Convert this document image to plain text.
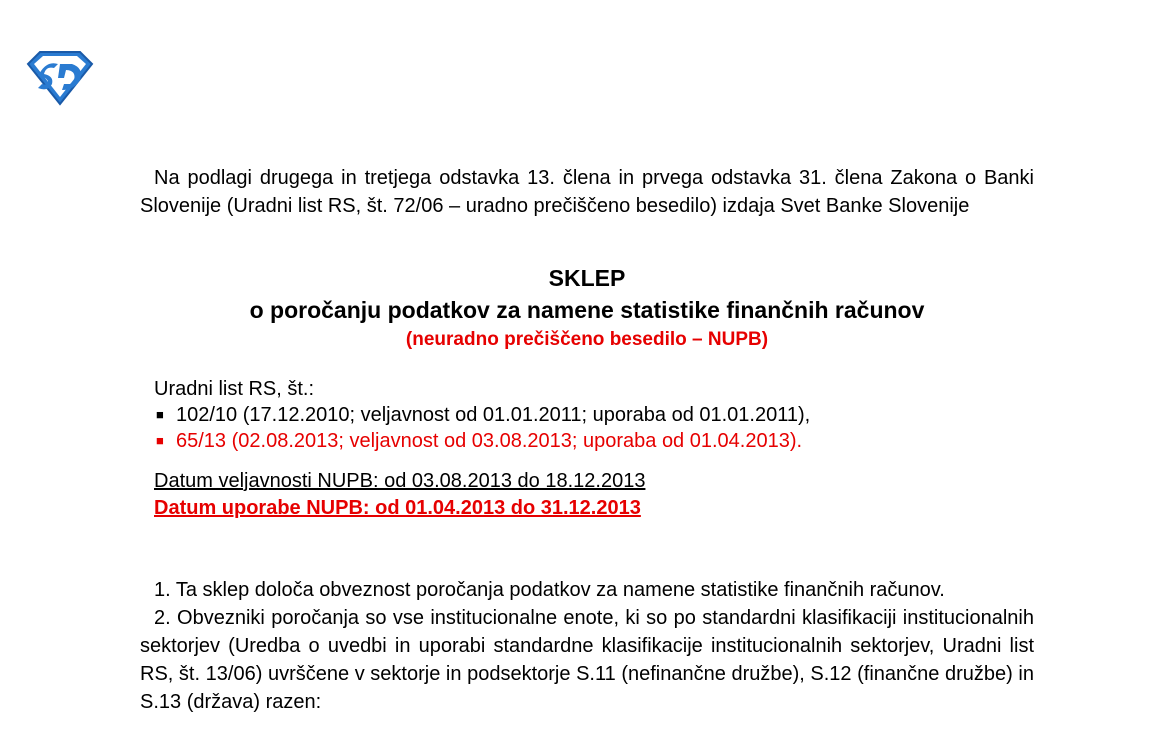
Na podlagi drugega in tretjega odstavka 13. člena in prvega odstavka 31. člena Zakona o Banki Slovenije (Uradni list RS, št. 72/06 – uradno prečiščeno besedilo) izdaja Svet Banke Slovenije

SKLEP
o poročanju podatkov za namene statistike finančnih računov
(neuradno prečiščeno besedilo – NUPB)
Uradni list RS, št.:
■ 102/10 (17.12.2010; veljavnost od 01.01.2011; uporaba od 01.01.2011),
■ 65/13 (02.08.2013; veljavnost od 03.08.2013; uporaba od 01.04.2013).
Datum veljavnosti NUPB: od 03.08.2013 do 18.12.2013
Datum uporabe NUPB: od 01.04.2013 do 31.12.2013

1. Ta sklep določa obveznost poročanja podatkov za namene statistike finančnih računov.

2. Obvezniki poročanja so vse institucionalne enote, ki so po standardni klasifikaciji institucionalnih sektorjev (Uredba o uvedbi in uporabi standardne klasifikacije institucionalnih sektorjev, Uradni list RS, št. 13/06) uvrščene v sektorje in podsektorje S.11 (nefinančne družbe), S.12 (finančne družbe) in S.13 (država) razen:
